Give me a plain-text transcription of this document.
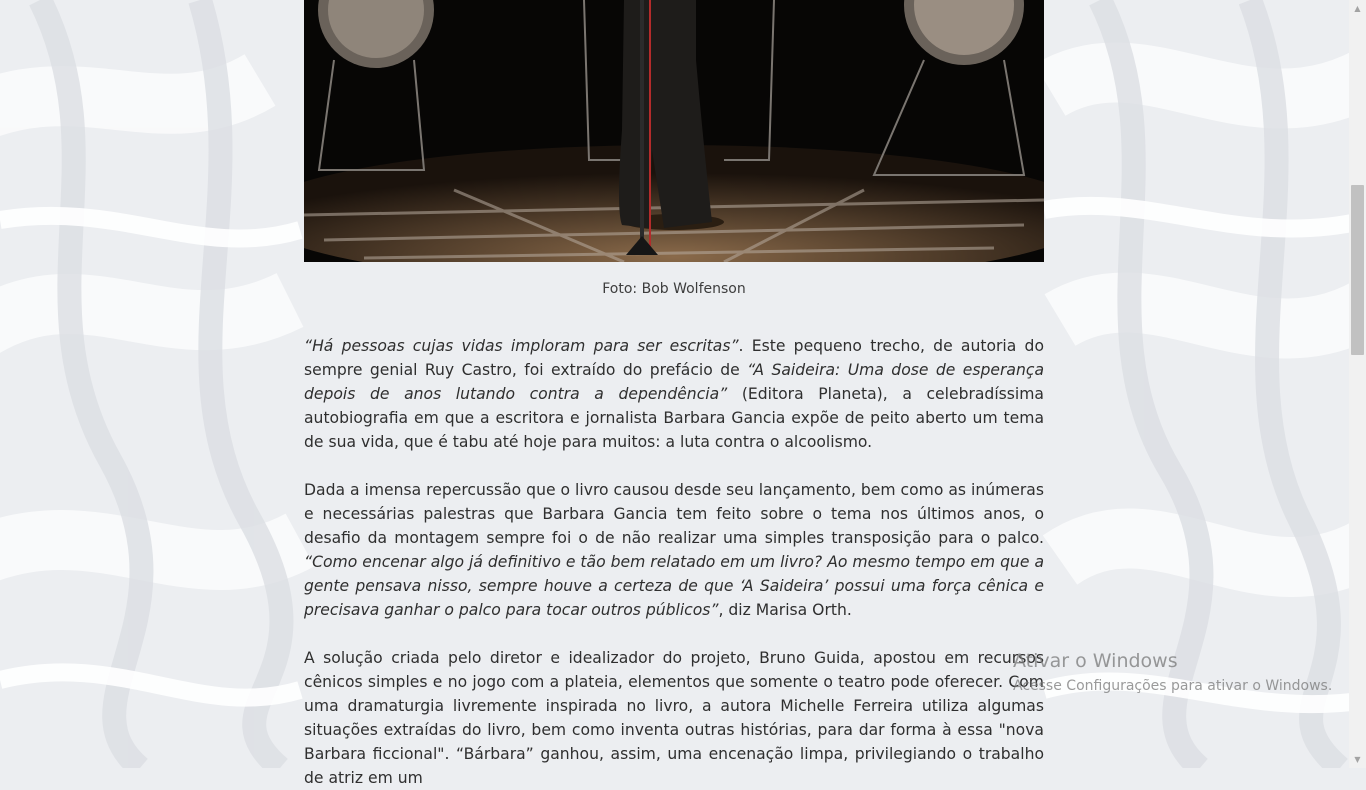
Foto: Bob Wolfenson

“Há pessoas cujas vidas imploram para ser escritas”. Este pequeno trecho, de autoria do sempre genial Ruy Castro, foi extraído do prefácio de “A Saideira: Uma dose de esperança depois de anos lutando contra a dependência” (Editora Planeta), a celebradíssima autobiografia em que a escritora e jornalista Barbara Gancia expõe de peito aberto um tema de sua vida, que é tabu até hoje para muitos: a luta contra o alcoolismo.

Dada a imensa repercussão que o livro causou desde seu lançamento, bem como as inúmeras e necessárias palestras que Barbara Gancia tem feito sobre o tema nos últimos anos, o desafio da montagem sempre foi o de não realizar uma simples transposição para o palco. “Como encenar algo já definitivo e tão bem relatado em um livro? Ao mesmo tempo em que a gente pensava nisso, sempre houve a certeza de que ‘A Saideira’ possui uma força cênica e precisava ganhar o palco para tocar outros públicos”, diz Marisa Orth.

A solução criada pelo diretor e idealizador do projeto, Bruno Guida, apostou em recursos cênicos simples e no jogo com a plateia, elementos que somente o teatro pode oferecer. Com uma dramaturgia livremente inspirada no livro, a autora Michelle Ferreira utiliza algumas situações extraídas do livro, bem como inventa outras histórias, para dar forma à essa "nova Barbara ficcional". “Bárbara” ganhou, assim, uma encenação limpa, privilegiando o trabalho de atriz em um

Ativar o Windows
Acesse Configurações para ativar o Windows.
▲
▼
